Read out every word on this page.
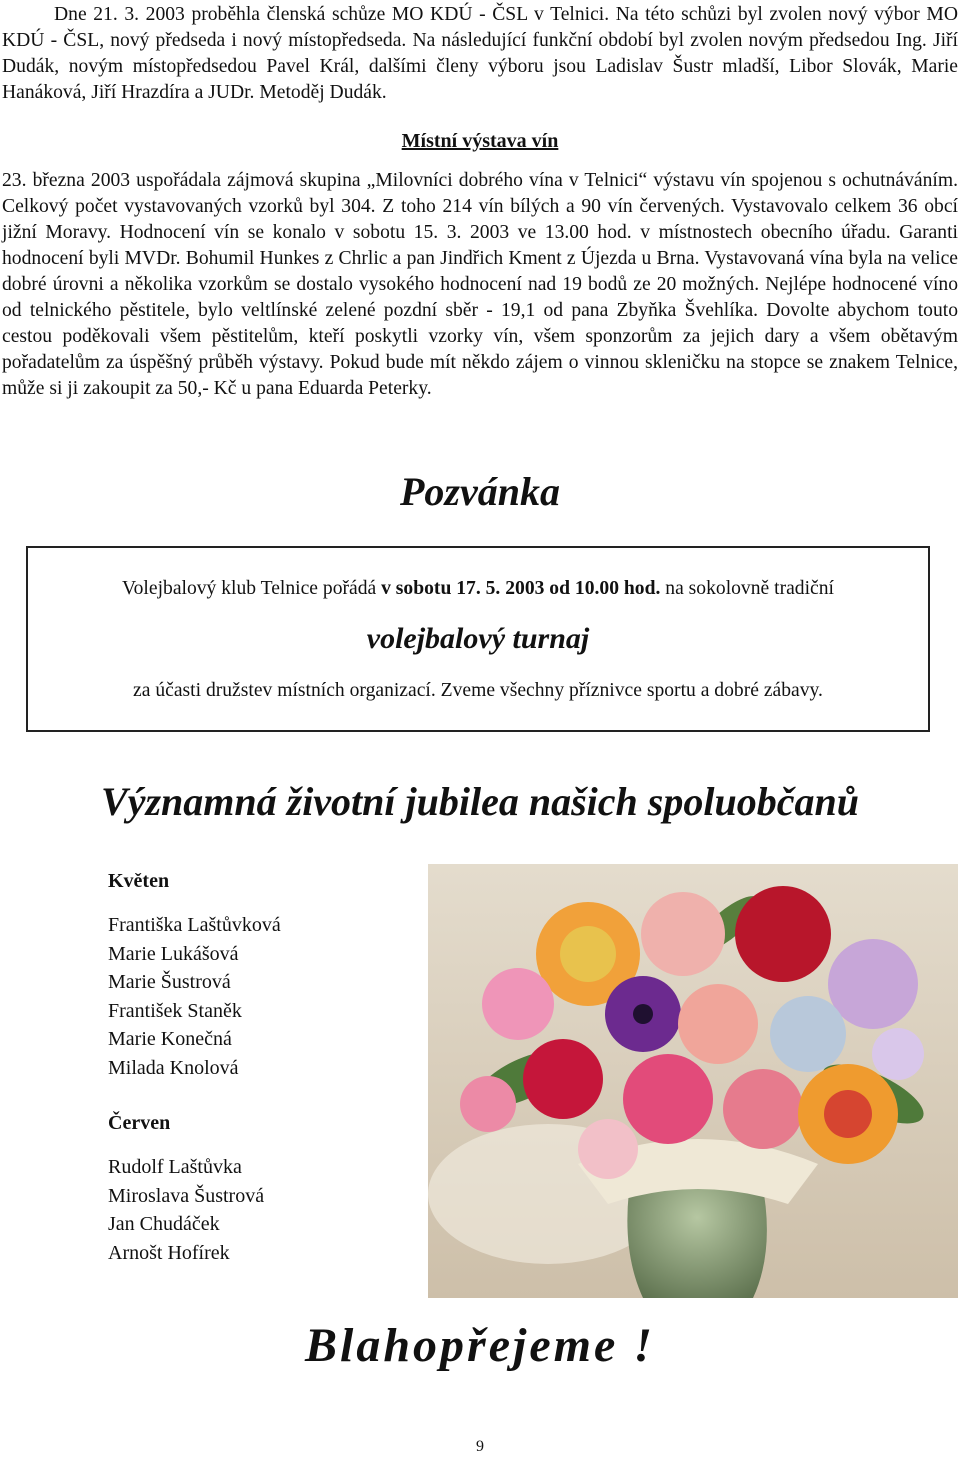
Dne 21. 3. 2003 proběhla členská schůze MO KDÚ - ČSL v Telnici. Na této schůzi byl zvolen nový výbor MO KDÚ - ČSL, nový předseda i nový místopředseda. Na následující funkční období byl zvolen novým předsedou Ing. Jiří Dudák, novým místopředsedou Pavel Král, dalšími členy výboru jsou Ladislav Šustr mladší, Libor Slovák, Marie Hanáková, Jiří Hrazdíra a JUDr. Metoděj Dudák.

Místní výstava vín

23. března 2003 uspořádala zájmová skupina „Milovníci dobrého vína v Telnici“ výstavu vín spojenou s ochutnáváním. Celkový počet vystavovaných vzorků byl 304. Z toho 214 vín bílých a 90 vín červených. Vystavovalo celkem 36 obcí jižní Moravy. Hodnocení vín se konalo v sobotu 15. 3. 2003 ve 13.00 hod. v místnostech obecního úřadu. Garanti hodnocení byli MVDr. Bohumil Hunkes z Chrlic a pan Jindřich Kment z Újezda u Brna. Vystavovaná vína byla na velice dobré úrovni a několika vzorkům se dostalo vysokého hodnocení nad 19 bodů ze 20 možných. Nejlépe hodnocené víno od telnického pěstitele, bylo veltlínské zelené pozdní sběr - 19,1 od pana Zbyňka Švehlíka. Dovolte abychom touto cestou poděkovali všem pěstitelům, kteří poskytli vzorky vín, všem sponzorům za jejich dary a všem obětavým pořadatelům za úspěšný průběh výstavy. Pokud bude mít někdo zájem o vinnou skleničku na stopce se znakem Telnice, může si ji zakoupit za 50,- Kč u pana Eduarda Peterky.

Pozvánka

Volejbalový klub Telnice pořádá v sobotu 17. 5. 2003 od 10.00 hod. na sokolovně tradiční

volejbalový turnaj

za účasti družstev místních organizací. Zveme všechny příznivce sportu a dobré zábavy.

Významná životní jubilea našich spoluobčanů
Květen
Františka Laštůvková
Marie Lukášová
Marie Šustrová
František Staněk
Marie Konečná
Milada Knolová
Červen
Rudolf Laštůvka
Miroslava Šustrová
Jan Chudáček
Arnošt Hofírek
Blahopřejeme !

9
